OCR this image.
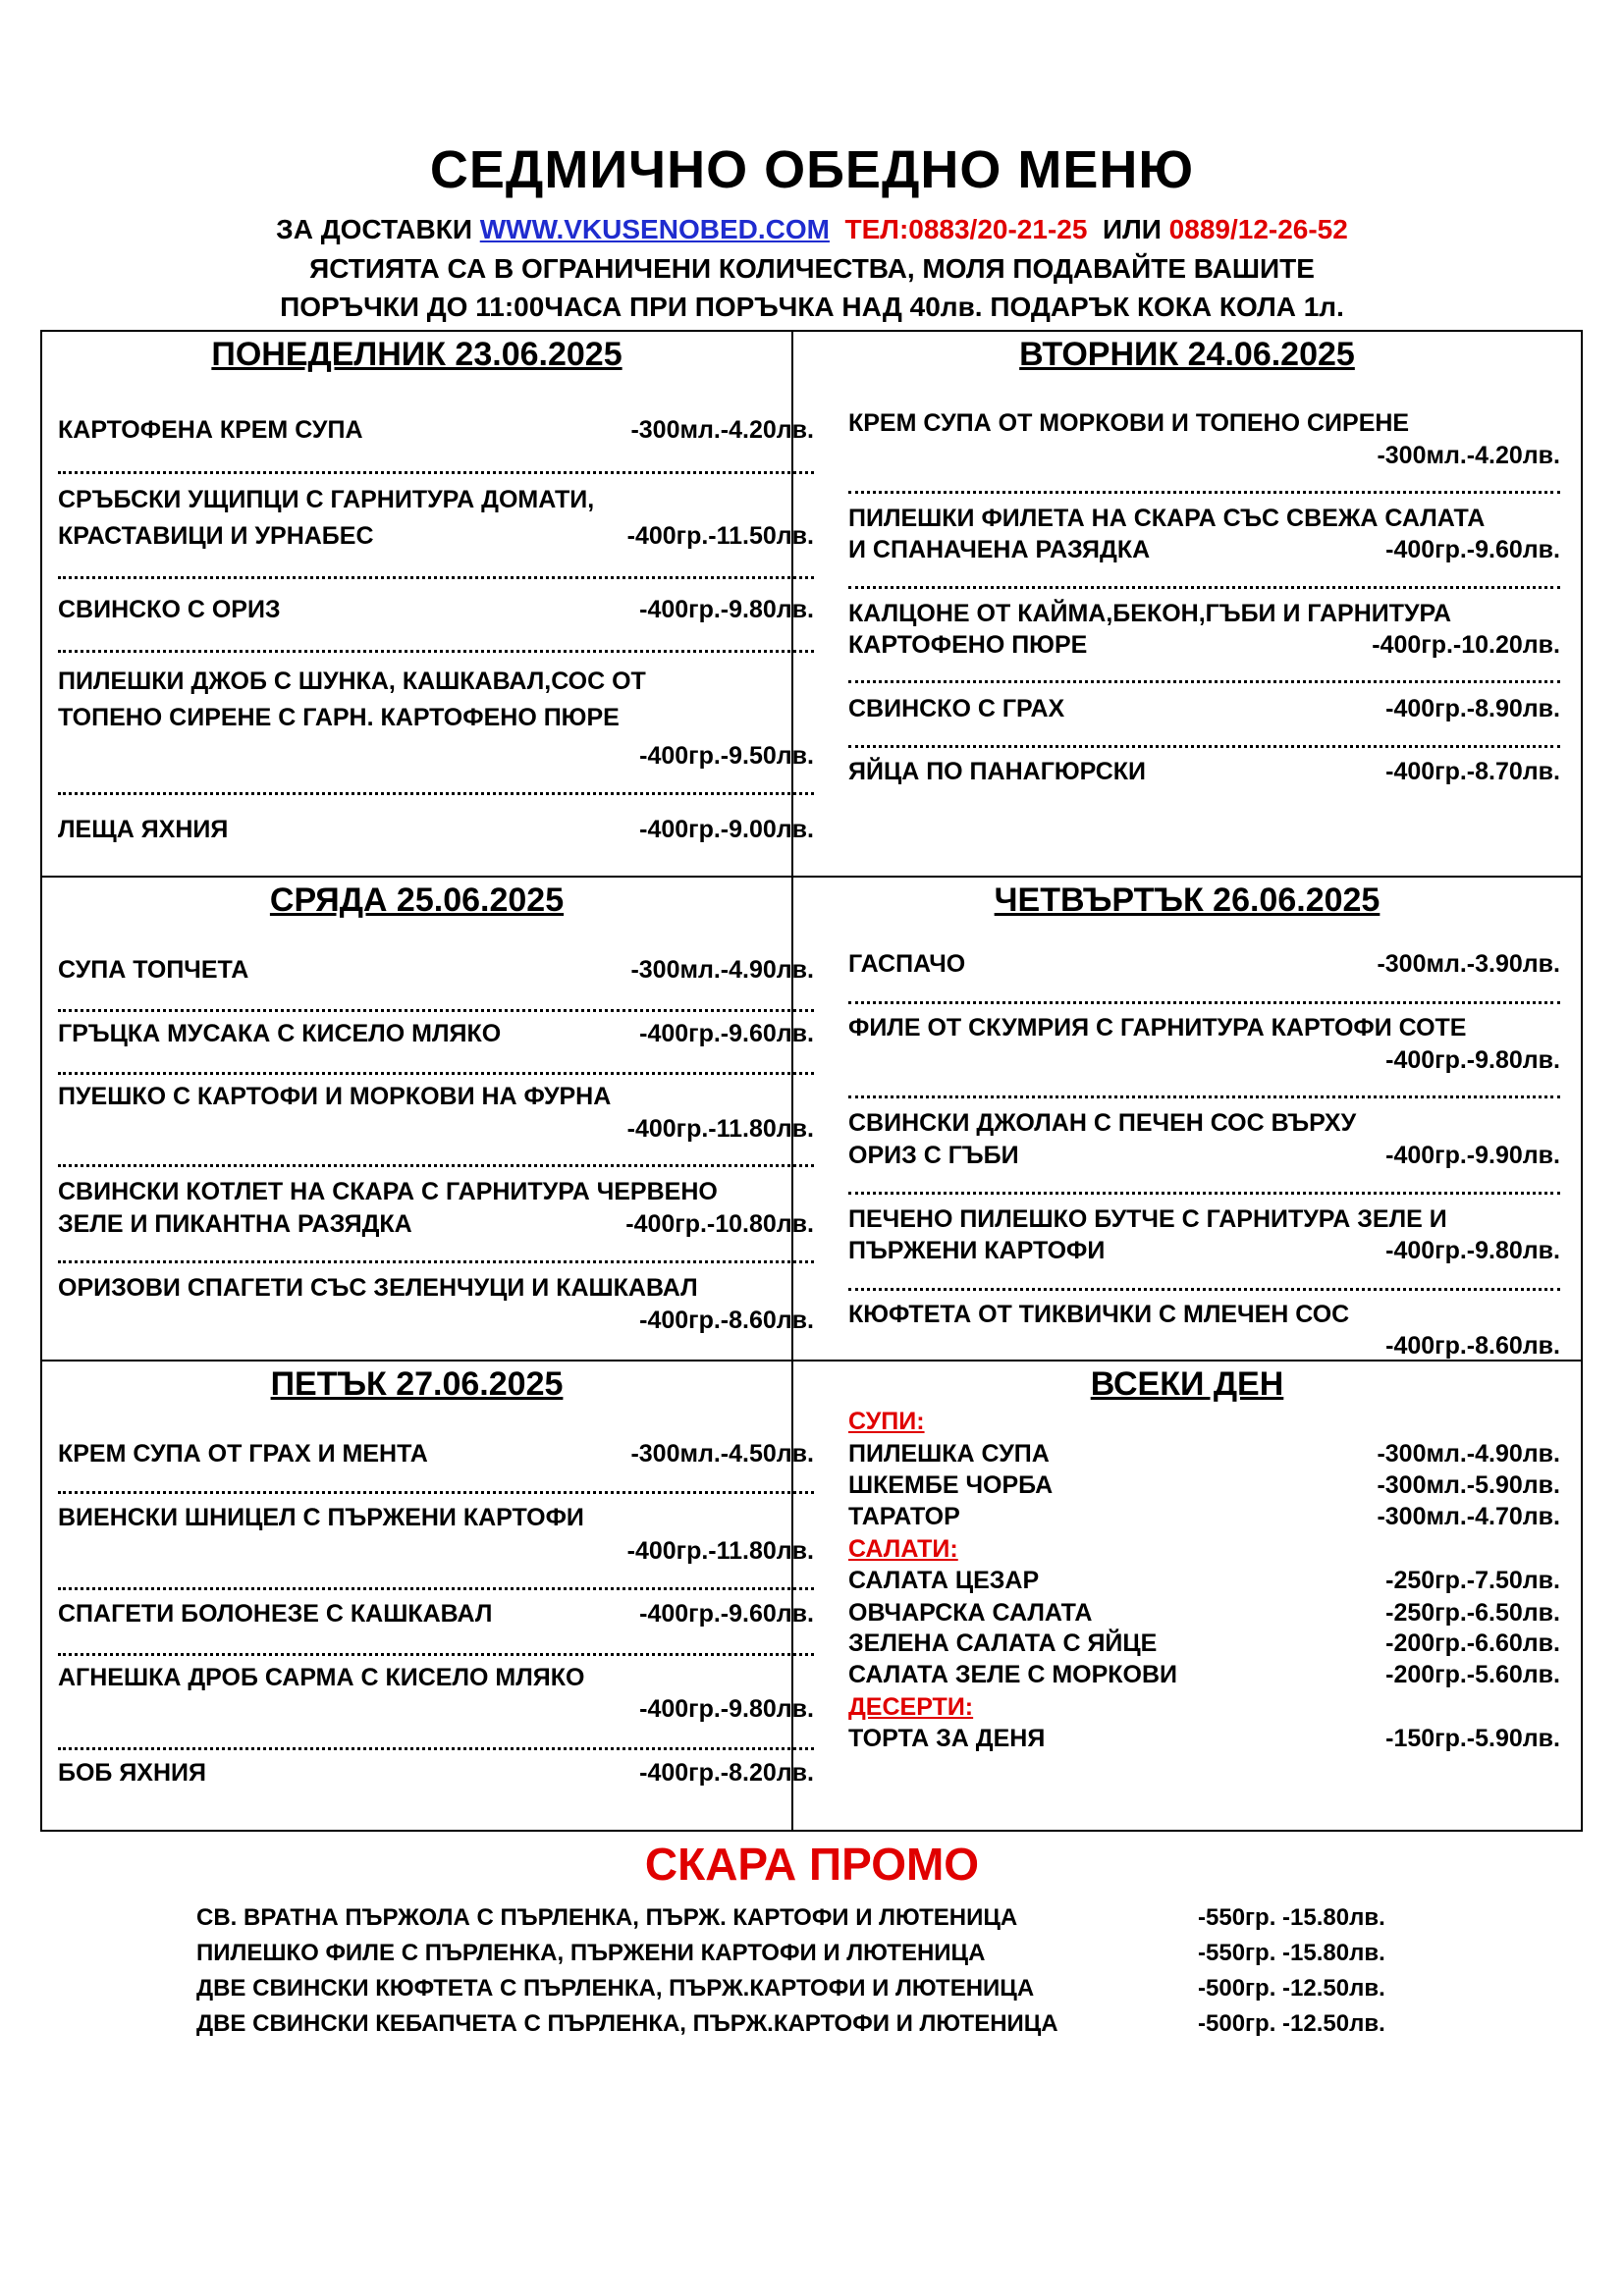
СЕДМИЧНО ОБЕДНО МЕНЮ
ЗА ДОСТАВКИ WWW.VKUSENOBED.COM ТЕЛ:0883/20-21-25 ИЛИ 0889/12-26-52
ЯСТИЯТА СА В ОГРАНИЧЕНИ КОЛИЧЕСТВА, МОЛЯ ПОДАВАЙТЕ ВАШИТЕ
ПОРЪЧКИ ДО 11:00ЧАСА ПРИ ПОРЪЧКА НАД 40лв. ПОДАРЪК КОКА КОЛА 1л.
ПОНЕДЕЛНИК 23.06.2025
КАРТОФЕНА КРЕМ СУПА	-300мл.-4.20лв.
СРЪБСКИ УЩИПЦИ С ГАРНИТУРА ДОМАТИ,
КРАСТАВИЦИ И УРНАБЕС	-400гр.-11.50лв.
СВИНСКО С ОРИЗ	-400гр.-9.80лв.
ПИЛЕШКИ ДЖОБ С ШУНКА, КАШКАВАЛ,СОС ОТ
ТОПЕНО СИРЕНЕ С ГАРН. КАРТОФЕНО ПЮРЕ
-400гр.-9.50лв.
ЛЕЩА ЯХНИЯ	-400гр.-9.00лв.
ВТОРНИК 24.06.2025
КРЕМ СУПА ОТ МОРКОВИ И ТОПЕНО СИРЕНЕ
-300мл.-4.20лв.
ПИЛЕШКИ ФИЛЕТА НА СКАРА СЪС СВЕЖА САЛАТА
И СПАНАЧЕНА РАЗЯДКА	-400гр.-9.60лв.
КАЛЦОНЕ ОТ КАЙМА,БЕКОН,ГЪБИ И ГАРНИТУРА
КАРТОФЕНО ПЮРЕ	-400гр.-10.20лв.
СВИНСКО С ГРАХ	-400гр.-8.90лв.
ЯЙЦА ПО ПАНАГЮРСКИ	-400гр.-8.70лв.
СРЯДА 25.06.2025
СУПА ТОПЧЕТА	-300мл.-4.90лв.
ГРЪЦКА МУСАКА С КИСЕЛО МЛЯКО	-400гр.-9.60лв.
ПУЕШКО С КАРТОФИ И МОРКОВИ НА ФУРНА
-400гр.-11.80лв.
СВИНСКИ КОТЛЕТ НА СКАРА С ГАРНИТУРА ЧЕРВЕНО
ЗЕЛЕ И ПИКАНТНА РАЗЯДКА	-400гр.-10.80лв.
ОРИЗОВИ СПАГЕТИ СЪС ЗЕЛЕНЧУЦИ И КАШКАВАЛ
-400гр.-8.60лв.
ЧЕТВЪРТЪК 26.06.2025
ГАСПАЧО	-300мл.-3.90лв.
ФИЛЕ ОТ СКУМРИЯ С ГАРНИТУРА КАРТОФИ СОТЕ
-400гр.-9.80лв.
СВИНСКИ ДЖОЛАН С ПЕЧЕН СОС ВЪРХУ
ОРИЗ С ГЪБИ	-400гр.-9.90лв.
ПЕЧЕНО ПИЛЕШКО БУТЧЕ С ГАРНИТУРА ЗЕЛЕ И
ПЪРЖЕНИ КАРТОФИ	-400гр.-9.80лв.
КЮФТЕТА ОТ ТИКВИЧКИ С МЛЕЧЕН СОС
-400гр.-8.60лв.
ПЕТЪК 27.06.2025
КРЕМ СУПА ОТ ГРАХ И МЕНТА	-300мл.-4.50лв.
ВИЕНСКИ ШНИЦЕЛ С ПЪРЖЕНИ КАРТОФИ
-400гр.-11.80лв.
СПАГЕТИ БОЛОНЕЗЕ С КАШКАВАЛ	-400гр.-9.60лв.
АГНЕШКА ДРОБ САРМА С КИСЕЛО МЛЯКО
-400гр.-9.80лв.
БОБ ЯХНИЯ	-400гр.-8.20лв.
ВСЕКИ ДЕН
СУПИ:
ПИЛЕШКА СУПА	-300мл.-4.90лв.
ШКЕМБЕ ЧОРБА	-300мл.-5.90лв.
ТАРАТОР	-300мл.-4.70лв.
САЛАТИ:
САЛАТА ЦЕЗАР	-250гр.-7.50лв.
ОВЧАРСКА САЛАТА	-250гр.-6.50лв.
ЗЕЛЕНА САЛАТА С ЯЙЦЕ	-200гр.-6.60лв.
САЛАТА ЗЕЛЕ С МОРКОВИ	-200гр.-5.60лв.
ДЕСЕРТИ:
ТОРТА ЗА ДЕНЯ	-150гр.-5.90лв.
СКАРА ПРОМО
СВ. ВРАТНА ПЪРЖОЛА С ПЪРЛЕНКА, ПЪРЖ. КАРТОФИ И ЛЮТЕНИЦА	-550гр. -15.80лв.
ПИЛЕШКО ФИЛЕ С ПЪРЛЕНКА, ПЪРЖЕНИ КАРТОФИ И ЛЮТЕНИЦА	-550гр. -15.80лв.
ДВЕ СВИНСКИ КЮФТЕТА С ПЪРЛЕНКА, ПЪРЖ.КАРТОФИ И ЛЮТЕНИЦА	-500гр. -12.50лв.
ДВЕ СВИНСКИ КЕБАПЧЕТА С ПЪРЛЕНКА, ПЪРЖ.КАРТОФИ И ЛЮТЕНИЦА	-500гр. -12.50лв.
